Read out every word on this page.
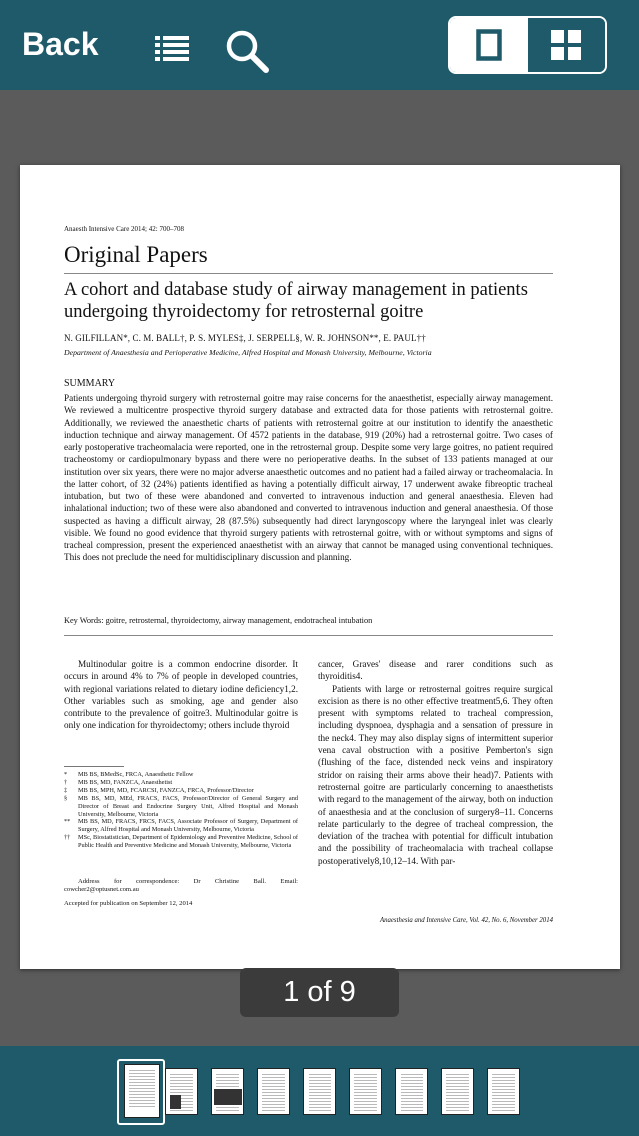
Back
Anaesth Intensive Care 2014; 42: 700–708
Original Papers
A cohort and database study of airway management in patients undergoing thyroidectomy for retrosternal goitre
N. GILFILLAN*, C. M. BALL†, P. S. MYLES‡, J. SERPELL§, W. R. JOHNSON**, E. PAUL††
Department of Anaesthesia and Perioperative Medicine, Alfred Hospital and Monash University, Melbourne, Victoria
SUMMARY
Patients undergoing thyroid surgery with retrosternal goitre may raise concerns for the anaesthetist, especially airway management. We reviewed a multicentre prospective thyroid surgery database and extracted data for those patients with retrosternal goitre. Additionally, we reviewed the anaesthetic charts of patients with retrosternal goitre at our institution to identify the anaesthetic induction technique and airway management. Of 4572 patients in the database, 919 (20%) had a retrosternal goitre. Two cases of early postoperative tracheomalacia were reported, one in the retrosternal group. Despite some very large goitres, no patient required tracheostomy or cardiopulmonary bypass and there were no perioperative deaths. In the subset of 133 patients managed at our institution over six years, there were no major adverse anaesthetic outcomes and no patient had a failed airway or tracheomalacia. In the latter cohort, of 32 (24%) patients identified as having a potentially difficult airway, 17 underwent awake fibreoptic tracheal intubation, but two of these were abandoned and converted to intravenous induction and general anaesthesia. Eleven had inhalational induction; two of these were also abandoned and converted to intravenous induction and general anaesthesia. Of those suspected as having a difficult airway, 28 (87.5%) subsequently had direct laryngoscopy where the laryngeal inlet was clearly visible. We found no good evidence that thyroid surgery patients with retrosternal goitre, with or without symptoms and signs of tracheal compression, present the experienced anaesthetist with an airway that cannot be managed using conventional techniques. This does not preclude the need for multidisciplinary discussion and planning.
Key Words: goitre, retrosternal, thyroidectomy, airway management, endotracheal intubation
Multinodular goitre is a common endocrine disorder. It occurs in around 4% to 7% of people in developed countries, with regional variations related to dietary iodine deficiency1,2. Other variables such as smoking, age and gender also contribute to the prevalence of goitre3. Multinodular goitre is only one indication for thyroidectomy; others include thyroid
*	MB BS, BMedSc, FRCA, Anaesthetic Fellow
†	MB BS, MD, FANZCA, Anaesthetist
‡	MB BS, MPH, MD, FCARCSI, FANZCA, FRCA, Professor/Director
§	MB BS, MD, MEd, FRACS, FACS, Professor/Director of General Surgery and Director of Breast and Endocrine Surgery Unit, Alfred Hospital and Monash University, Melbourne, Victoria
**	MB BS, MD, FRACS, FRCS, FACS, Associate Professor of Surgery, Department of Surgery, Alfred Hospital and Monash University, Melbourne, Victoria
††	MSc, Biostatistician, Department of Epidemiology and Preventive Medicine, School of Public Health and Preventive Medicine and Monash University, Melbourne, Victoria
Address for correspondence: Dr Christine Ball. Email: cowcher2@optusnet.com.au
Accepted for publication on September 12, 2014

cancer, Graves' disease and rarer conditions such as thyroiditis4.

Patients with large or retrosternal goitres require surgical excision as there is no other effective treatment5,6. They often present with symptoms related to tracheal compression, including dyspnoea, dysphagia and a sensation of pressure in the neck4. They may also display signs of intermittent superior vena caval obstruction with a positive Pemberton's sign (flushing of the face, distended neck veins and inspiratory stridor on raising their arms above their head)7. Patients with retrosternal goitre are particularly concerning to anaesthetists with regard to the management of the airway, both on induction of anaesthesia and at the conclusion of surgery8–11. Concerns relate particularly to the degree of tracheal compression, the deviation of the trachea with potential for difficult intubation and the possibility of tracheomalacia with tracheal collapse postoperatively8,10,12–14. With par-

Anaesthesia and Intensive Care, Vol. 42, No. 6, November 2014
1 of 9
